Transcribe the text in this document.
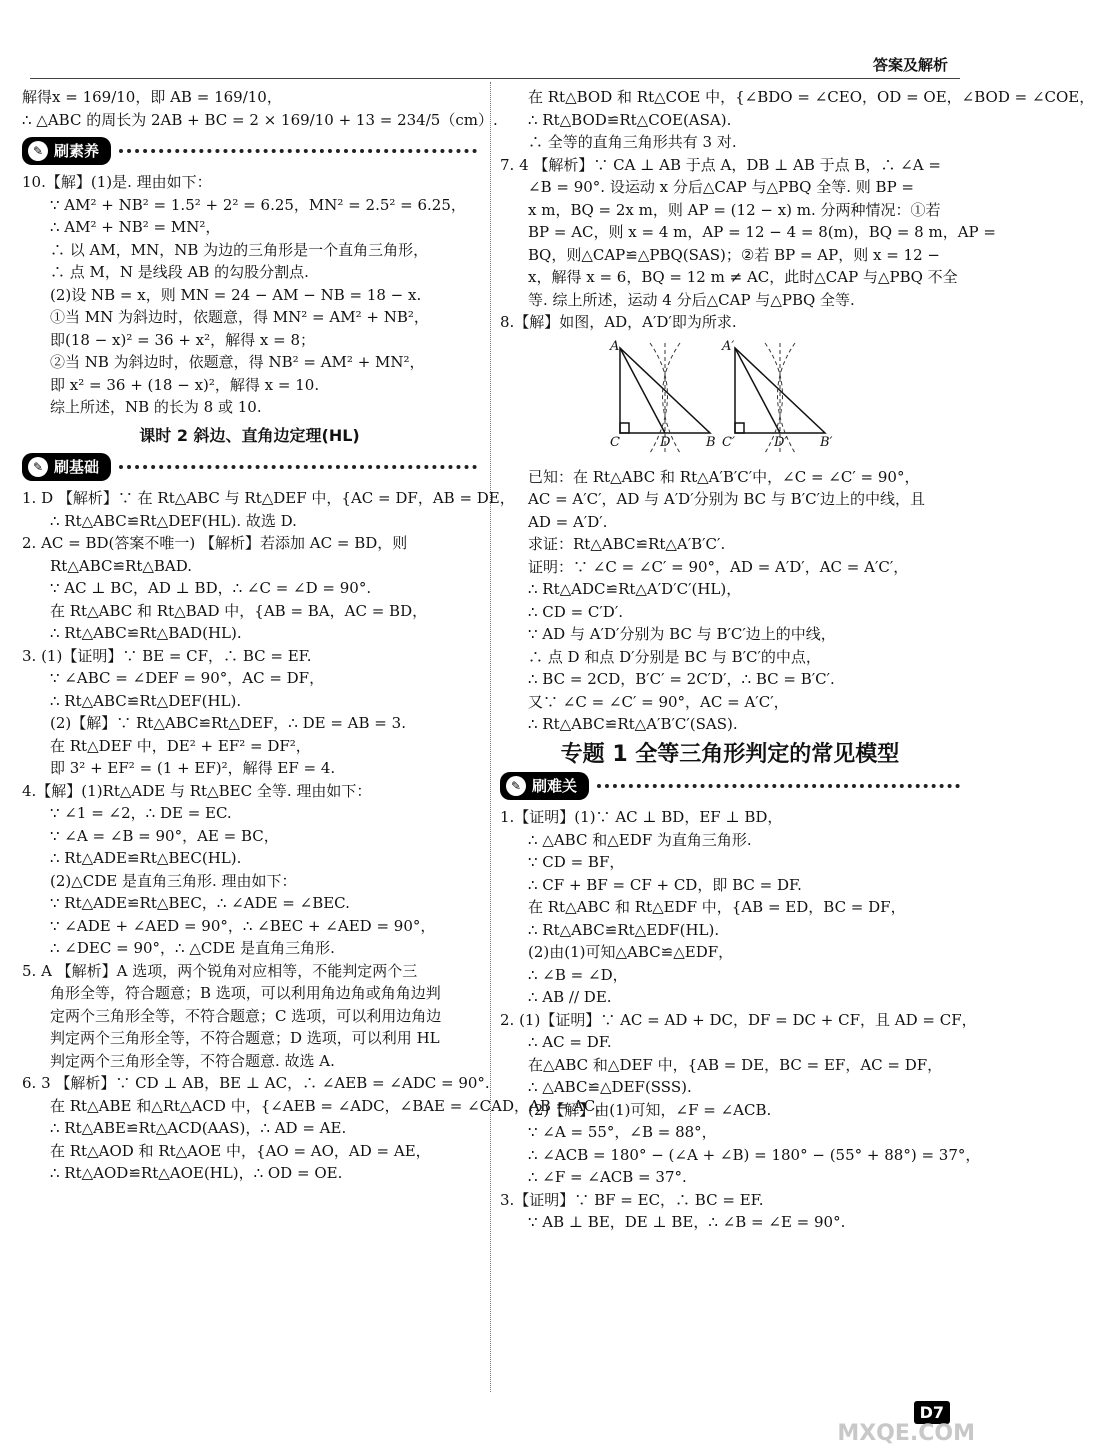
答案及解析
解得x = 169/10，即 AB = 169/10，
∴ △ABC 的周长为 2AB + BC = 2 × 169/10 + 13 = 234/5（cm）.
✎ 刷素养
10.【解】(1)是. 理由如下：
∵ AM² + NB² = 1.5² + 2² = 6.25，MN² = 2.5² = 6.25，
∴ AM² + NB² = MN²，
∴ 以 AM，MN，NB 为边的三角形是一个直角三角形，
∴ 点 M，N 是线段 AB 的勾股分割点.
(2)设 NB = x，则 MN = 24 − AM − NB = 18 − x.
①当 MN 为斜边时，依题意，得 MN² = AM² + NB²，
即(18 − x)² = 36 + x²，解得 x = 8；
②当 NB 为斜边时，依题意，得 NB² = AM² + MN²，
即 x² = 36 + (18 − x)²，解得 x = 10.
综上所述，NB 的长为 8 或 10.
课时 2 斜边、直角边定理(HL)
✎ 刷基础
1. D 【解析】∵ 在 Rt△ABC 与 Rt△DEF 中，{AC = DF，AB = DE，
∴ Rt△ABC≌Rt△DEF(HL). 故选 D.
2. AC = BD(答案不唯一) 【解析】若添加 AC = BD，则
Rt△ABC≌Rt△BAD.
∵ AC ⊥ BC，AD ⊥ BD，∴ ∠C = ∠D = 90°.
在 Rt△ABC 和 Rt△BAD 中，{AB = BA，AC = BD，
∴ Rt△ABC≌Rt△BAD(HL).
3. (1)【证明】∵ BE = CF，∴ BC = EF.
∵ ∠ABC = ∠DEF = 90°，AC = DF，
∴ Rt△ABC≌Rt△DEF(HL).
(2)【解】∵ Rt△ABC≌Rt△DEF，∴ DE = AB = 3.
在 Rt△DEF 中，DE² + EF² = DF²，
即 3² + EF² = (1 + EF)²，解得 EF = 4.
4.【解】(1)Rt△ADE 与 Rt△BEC 全等. 理由如下：
∵ ∠1 = ∠2，∴ DE = EC.
∵ ∠A = ∠B = 90°，AE = BC，
∴ Rt△ADE≌Rt△BEC(HL).
(2)△CDE 是直角三角形. 理由如下：
∵ Rt△ADE≌Rt△BEC，∴ ∠ADE = ∠BEC.
∵ ∠ADE + ∠AED = 90°，∴ ∠BEC + ∠AED = 90°，
∴ ∠DEC = 90°，∴ △CDE 是直角三角形.
5. A 【解析】A 选项，两个锐角对应相等，不能判定两个三
角形全等，符合题意；B 选项，可以利用角边角或角角边判
定两个三角形全等，不符合题意；C 选项，可以利用边角边
判定两个三角形全等，不符合题意；D 选项，可以利用 HL
判定两个三角形全等，不符合题意. 故选 A.
6. 3 【解析】∵ CD ⊥ AB，BE ⊥ AC，∴ ∠AEB = ∠ADC = 90°.
在 Rt△ABE 和△Rt△ACD 中，{∠AEB = ∠ADC，∠BAE = ∠CAD，AB = AC，
∴ Rt△ABE≌Rt△ACD(AAS)，∴ AD = AE.
在 Rt△AOD 和 Rt△AOE 中，{AO = AO，AD = AE，
∴ Rt△AOD≌Rt△AOE(HL)，∴ OD = OE.
在 Rt△BOD 和 Rt△COE 中，{∠BDO = ∠CEO，OD = OE，∠BOD = ∠COE，
∴ Rt△BOD≌Rt△COE(ASA).
∴ 全等的直角三角形共有 3 对.
7. 4 【解析】∵ CA ⊥ AB 于点 A，DB ⊥ AB 于点 B，∴ ∠A =
∠B = 90°. 设运动 x 分后△CAP 与△PBQ 全等. 则 BP =
x m，BQ = 2x m，则 AP = (12 − x) m. 分两种情况：①若
BP = AC，则 x = 4 m，AP = 12 − 4 = 8(m)，BQ = 8 m，AP =
BQ，则△CAP≌△PBQ(SAS)；②若 BP = AP，则 x = 12 −
x，解得 x = 6，BQ = 12 m ≠ AC，此时△CAP 与△PBQ 不全
等. 综上所述，运动 4 分后△CAP 与△PBQ 全等.
8.【解】如图，AD，A′D′即为所求.
A
C	D	B
A′
C′	D′	B′
已知：在 Rt△ABC 和 Rt△A′B′C′中，∠C = ∠C′ = 90°，
AC = A′C′，AD 与 A′D′分别为 BC 与 B′C′边上的中线，且
AD = A′D′.
求证：Rt△ABC≌Rt△A′B′C′.
证明：∵ ∠C = ∠C′ = 90°，AD = A′D′，AC = A′C′，
∴ Rt△ADC≌Rt△A′D′C′(HL)，
∴ CD = C′D′.
∵ AD 与 A′D′分别为 BC 与 B′C′边上的中线，
∴ 点 D 和点 D′分别是 BC 与 B′C′的中点，
∴ BC = 2CD，B′C′ = 2C′D′，∴ BC = B′C′.
又∵ ∠C = ∠C′ = 90°，AC = A′C′，
∴ Rt△ABC≌Rt△A′B′C′(SAS).
专题 1 全等三角形判定的常见模型
✎ 刷难关
1.【证明】(1)∵ AC ⊥ BD，EF ⊥ BD，
∴ △ABC 和△EDF 为直角三角形.
∵ CD = BF，
∴ CF + BF = CF + CD，即 BC = DF.
在 Rt△ABC 和 Rt△EDF 中，{AB = ED，BC = DF，
∴ Rt△ABC≌Rt△EDF(HL).
(2)由(1)可知△ABC≌△EDF，
∴ ∠B = ∠D，
∴ AB // DE.
2. (1)【证明】∵ AC = AD + DC，DF = DC + CF，且 AD = CF，
∴ AC = DF.
在△ABC 和△DEF 中，{AB = DE，BC = EF，AC = DF，
∴ △ABC≌△DEF(SSS).
(2)【解】由(1)可知，∠F = ∠ACB.
∵ ∠A = 55°，∠B = 88°，
∴ ∠ACB = 180° − (∠A + ∠B) = 180° − (55° + 88°) = 37°，
∴ ∠F = ∠ACB = 37°.
3.【证明】∵ BF = EC，∴ BC = EF.
∵ AB ⊥ BE，DE ⊥ BE，∴ ∠B = ∠E = 90°.
D7
MXQE.COM
